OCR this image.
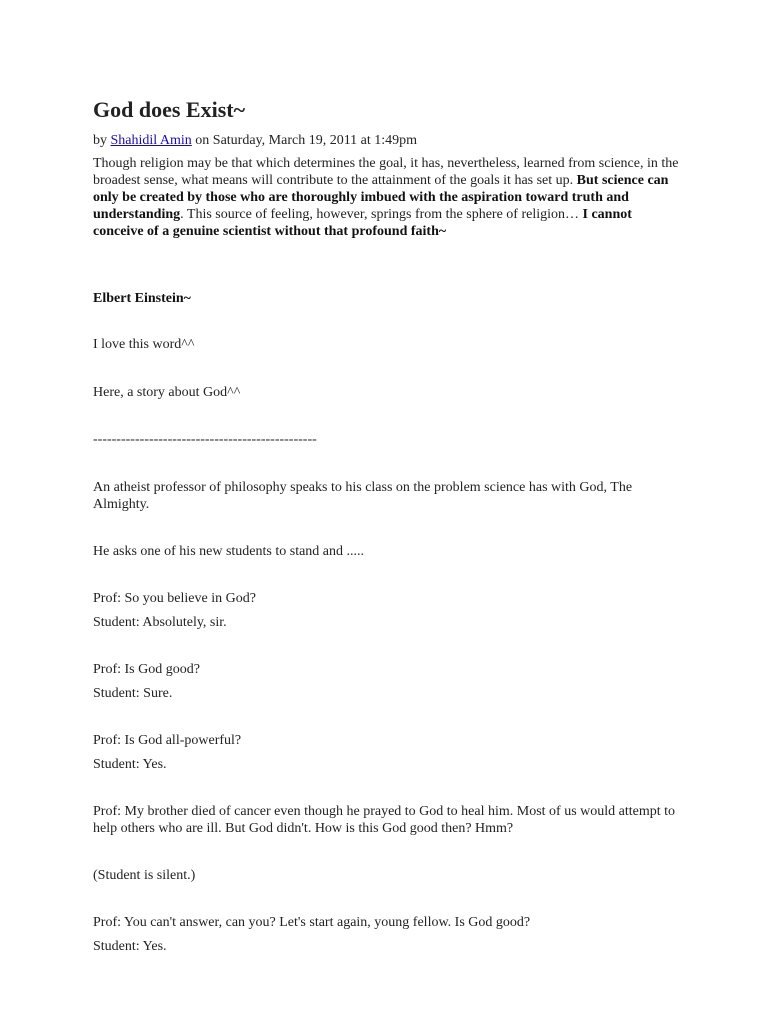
God does Exist~
by Shahidil Amin on Saturday, March 19, 2011 at 1:49pm
Though religion may be that which determines the goal, it has, nevertheless, learned from science, in the broadest sense, what means will contribute to the attainment of the goals it has set up. But science can only be created by those who are thoroughly imbued with the aspiration toward truth and understanding. This source of feeling, however, springs from the sphere of religion… I cannot conceive of a genuine scientist without that profound faith~
Elbert Einstein~
I love this word^^
Here, a story about God^^
------------------------------------------------
An atheist professor of philosophy speaks to his class on the problem science has with God, The Almighty.
He asks one of his new students to stand and .....
Prof: So you believe in God?
Student: Absolutely, sir.
Prof: Is God good?
Student: Sure.
Prof: Is God all-powerful?
Student: Yes.
Prof: My brother died of cancer even though he prayed to God to heal him. Most of us would attempt to help others who are ill. But God didn't. How is this God good then? Hmm?
(Student is silent.)
Prof: You can't answer, can you? Let's start again, young fellow. Is God good?
Student: Yes.
